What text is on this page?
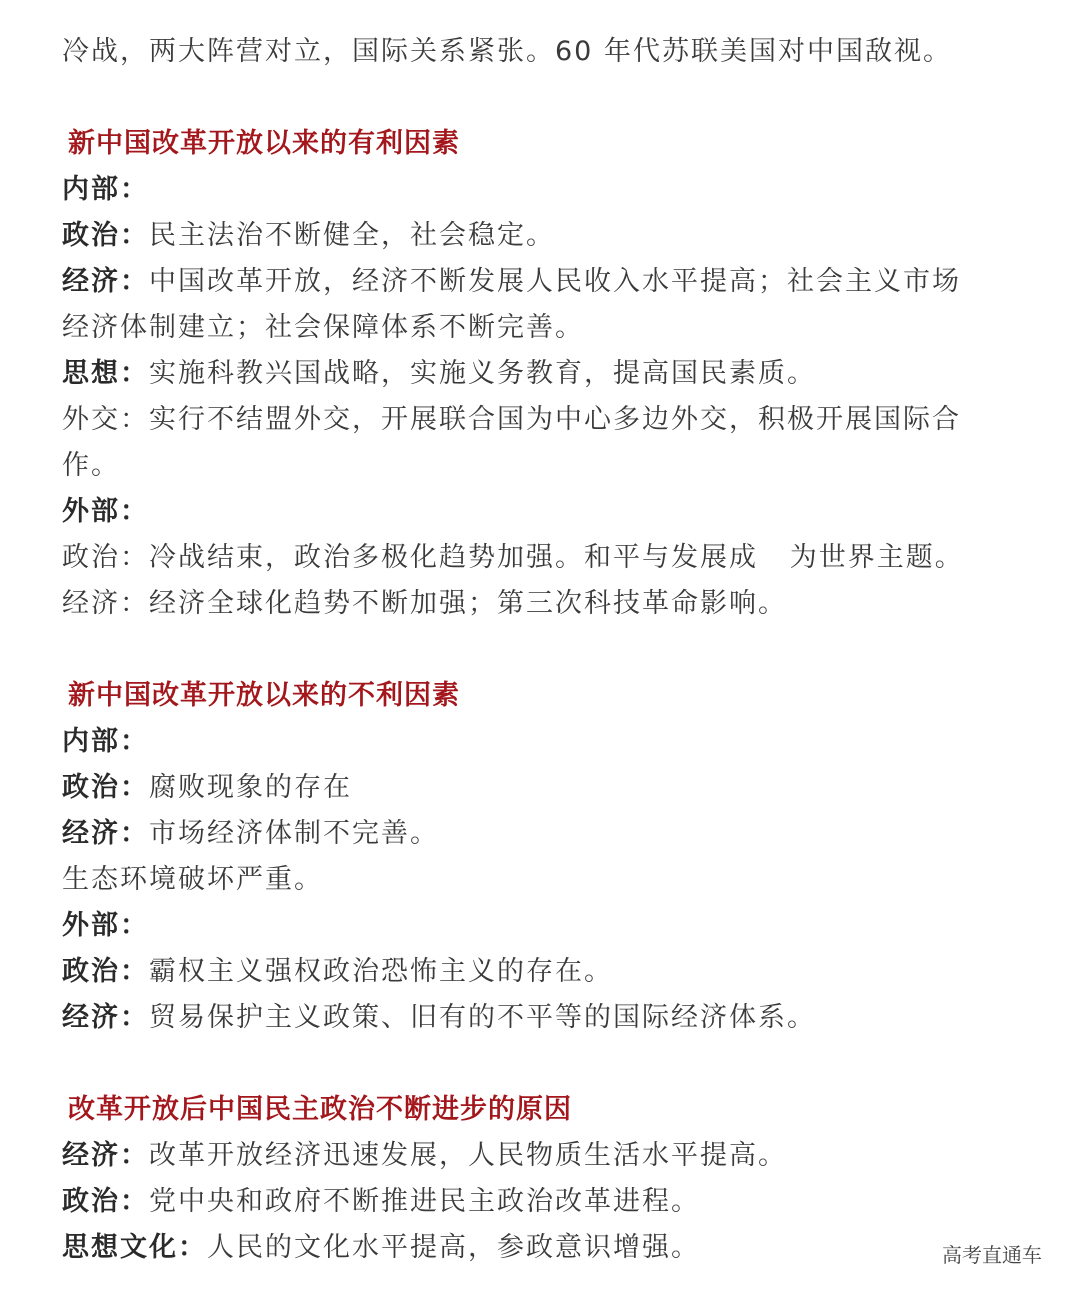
冷战，两大阵营对立，国际关系紧张。60 年代苏联美国对中国敌视。
新中国改革开放以来的有利因素
内部：
政治：民主法治不断健全，社会稳定。
经济：中国改革开放，经济不断发展人民收入水平提高；社会主义市场
经济体制建立；社会保障体系不断完善。
思想：实施科教兴国战略，实施义务教育，提高国民素质。
外交：实行不结盟外交，开展联合国为中心多边外交，积极开展国际合
作。
外部：
政治：冷战结束，政治多极化趋势加强。和平与发展成   为世界主题。
经济：经济全球化趋势不断加强；第三次科技革命影响。
新中国改革开放以来的不利因素
内部：
政治：腐败现象的存在
经济：市场经济体制不完善。
生态环境破坏严重。
外部：
政治：霸权主义强权政治恐怖主义的存在。
经济：贸易保护主义政策、旧有的不平等的国际经济体系。
改革开放后中国民主政治不断进步的原因
经济：改革开放经济迅速发展，人民物质生活水平提高。
政治：党中央和政府不断推进民主政治改革进程。
思想文化：人民的文化水平提高，参政意识增强。	高考直通车
